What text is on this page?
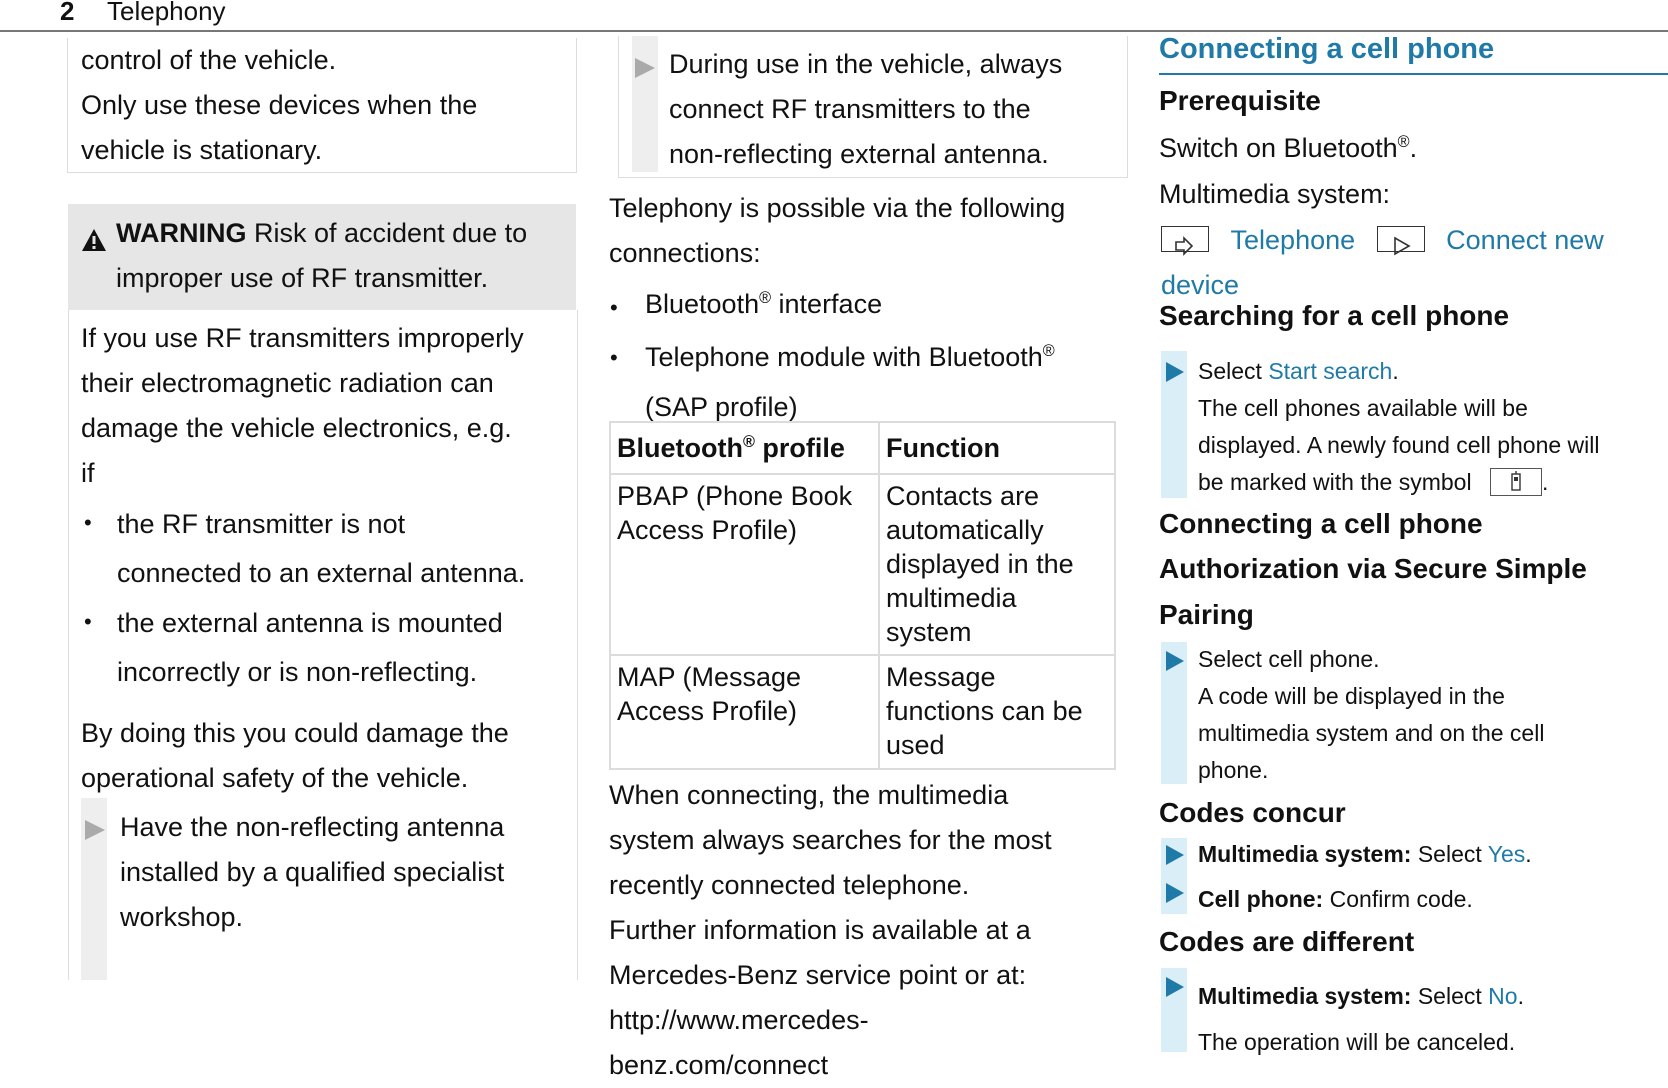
2 Telephony

control of the vehicle.

Only use these devices when the

vehicle is stationary.

WARNING Risk of accident due to
improper use of RF transmitter.
If you use RF transmitters improperly
their electromagnetic radiation can
damage the vehicle electronics, e.g.
if
• the RF transmitter is not
connected to an external antenna.
• the external antenna is mounted
incorrectly or is non-reflecting.
By doing this you could damage the
operational safety of the vehicle.
Have the non-reflecting antenna
installed by a qualified specialist
workshop.
During use in the vehicle, always
connect RF transmitters to the
non-reflecting external antenna.
Telephony is possible via the following
connections:
• Bluetooth® interface
• Telephone module with Bluetooth®
(SAP profile)
Bluetooth® profile	Function
PBAP (Phone Book Access Profile)	Contacts are automatically displayed in the multimedia system
MAP (Message Access Profile)	Message functions can be used
When connecting, the multimedia
system always searches for the most
recently connected telephone.
Further information is available at a
Mercedes-Benz service point or at:
http://www.mercedes-
benz.com/connect
Connecting a cell phone
Prerequisite
Switch on Bluetooth®.
Multimedia system:
Telephone	Connect new
device
Searching for a cell phone
Select Start search.
The cell phones available will be
displayed. A newly found cell phone will
be marked with the symbol	.
Connecting a cell phone
Authorization via Secure Simple
Pairing
Select cell phone.
A code will be displayed in the
multimedia system and on the cell
phone.
Codes concur
Multimedia system: Select Yes.
Cell phone: Confirm code.
Codes are different
Multimedia system: Select No.
The operation will be canceled.
